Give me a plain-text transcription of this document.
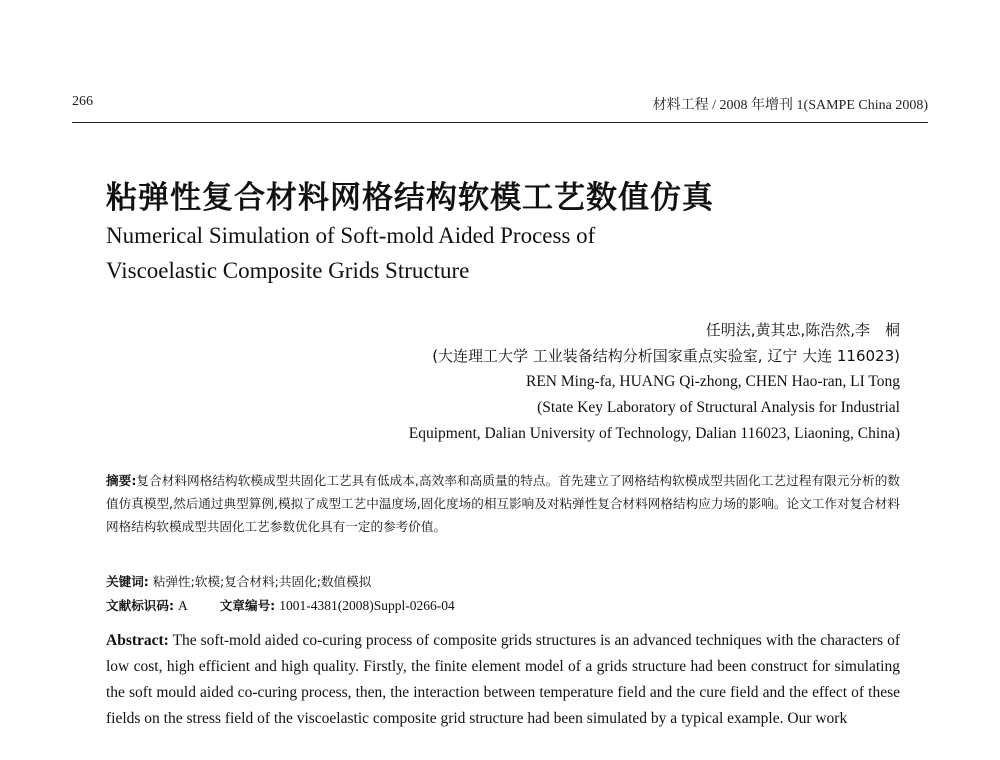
266	材料工程 / 2008 年增刊 1(SAMPE China 2008)
粘弹性复合材料网格结构软模工艺数值仿真
Numerical Simulation of Soft-mold Aided Process of
Viscoelastic Composite Grids Structure
任明法,黄其忠,陈浩然,李　桐
(大连理工大学 工业装备结构分析国家重点实验室, 辽宁 大连 116023)
REN Ming-fa, HUANG Qi-zhong, CHEN Hao-ran, LI Tong
(State Key Laboratory of Structural Analysis for Industrial
Equipment, Dalian University of Technology, Dalian 116023, Liaoning, China)
摘要:复合材料网格结构软模成型共固化工艺具有低成本,高效率和高质量的特点。首先建立了网格结构软模成型共固化工艺过程有限元分析的数值仿真模型,然后通过典型算例,模拟了成型工艺中温度场,固化度场的相互影响及对粘弹性复合材料网格结构应力场的影响。论文工作对复合材料网格结构软模成型共固化工艺参数优化具有一定的参考价值。
关键词: 粘弹性;软模;复合材料;共固化;数值模拟
文献标识码: A	文章编号: 1001-4381(2008)Suppl-0266-04
Abstract: The soft-mold aided co-curing process of composite grids structures is an advanced techniques with the characters of low cost, high efficient and high quality. Firstly, the finite element model of a grids structure had been construct for simulating the soft mould aided co-curing process, then, the interaction between temperature field and the cure field and the effect of these fields on the stress field of the viscoelastic composite grid structure had been simulated by a typical example. Our work
